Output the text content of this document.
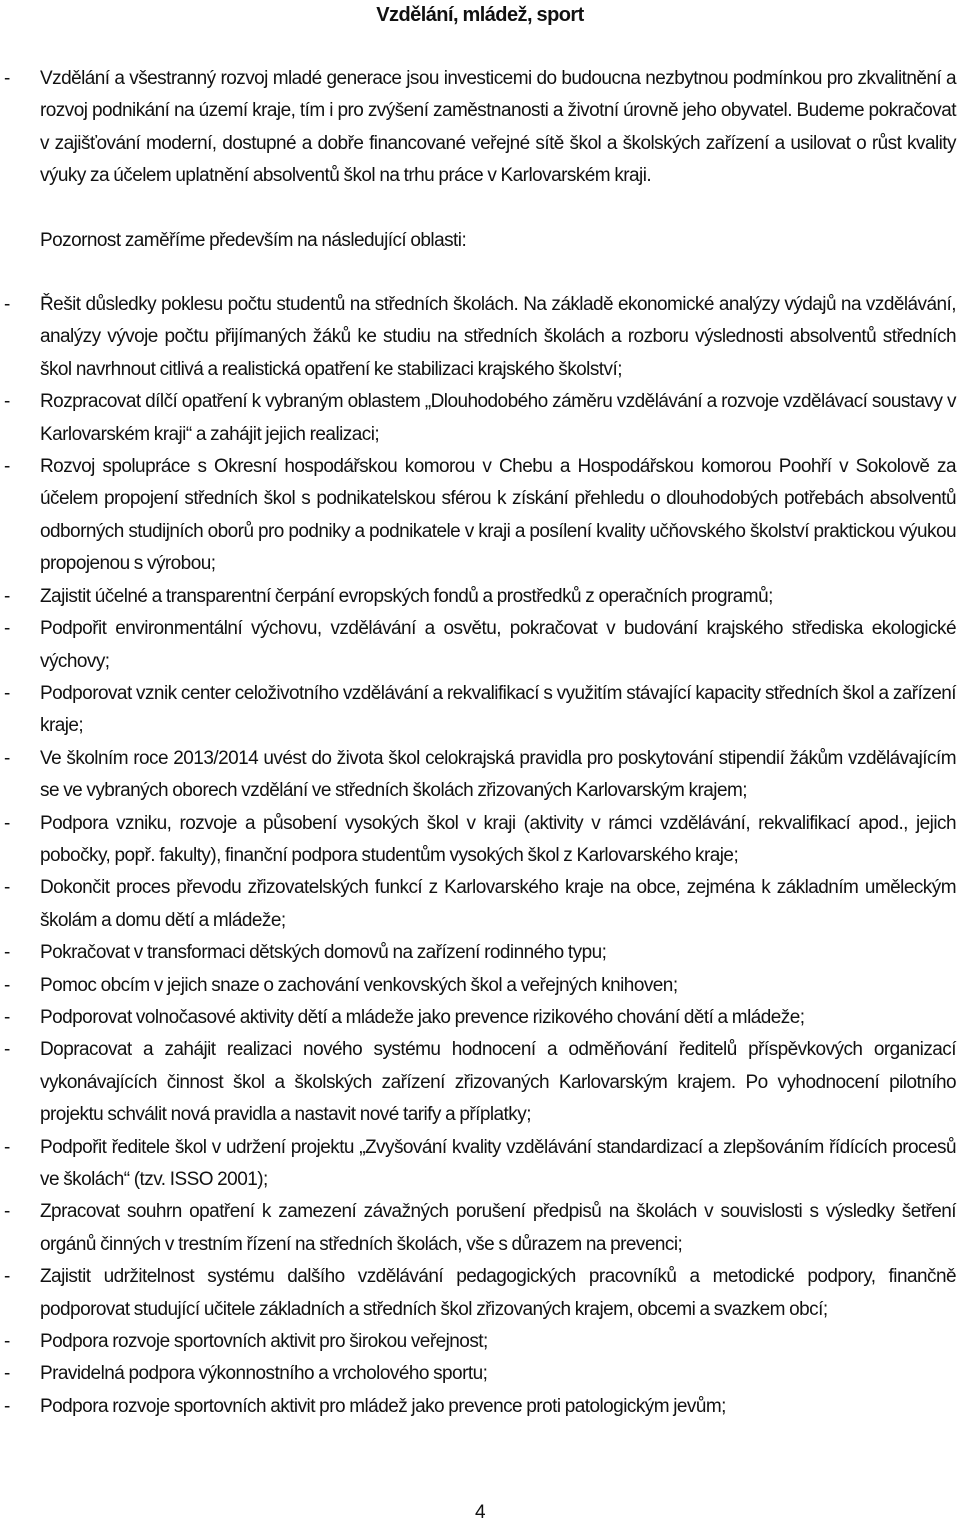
Vzdělání, mládež, sport

- Vzdělání a všestranný rozvoj mladé generace jsou investicemi do budoucna nezbytnou podmínkou pro zkvalitnění a rozvoj podnikání na území kraje, tím i pro zvýšení zaměstnanosti a životní úrovně jeho obyvatel. Budeme pokračovat v zajišťování moderní, dostupné a dobře financované veřejné sítě škol a školských zařízení a usilovat o růst kvality výuky za účelem uplatnění absolventů škol na trhu práce v Karlovarském kraji.

Pozornost zaměříme především na následující oblasti:

- Řešit důsledky poklesu počtu studentů na středních školách. Na základě ekonomické analýzy výdajů na vzdělávání, analýzy vývoje počtu přijímaných žáků ke studiu na středních školách a rozboru výslednosti absolventů středních škol navrhnout citlivá a realistická opatření ke stabilizaci krajského školství;

- Rozpracovat dílčí opatření k vybraným oblastem „Dlouhodobého záměru vzdělávání a rozvoje vzdělávací soustavy v Karlovarském kraji“ a zahájit jejich realizaci;

- Rozvoj spolupráce s Okresní hospodářskou komorou v Chebu a Hospodářskou komorou Poohří v Sokolově za účelem propojení středních škol s podnikatelskou sférou k získání přehledu o dlouhodobých potřebách absolventů odborných studijních oborů pro podniky a podnikatele v kraji a posílení kvality učňovského školství praktickou výukou propojenou s výrobou;

- Zajistit účelné a transparentní čerpání evropských fondů a prostředků z operačních programů;

- Podpořit environmentální výchovu, vzdělávání a osvětu, pokračovat v budování krajského střediska ekologické výchovy;

- Podporovat vznik center celoživotního vzdělávání a rekvalifikací s využitím stávající kapacity středních škol a zařízení kraje;

- Ve školním roce 2013/2014 uvést do života škol celokrajská pravidla pro poskytování stipendií žákům vzdělávajícím se ve vybraných oborech vzdělání ve středních školách zřizovaných Karlovarským krajem;

- Podpora vzniku, rozvoje a působení vysokých škol v kraji (aktivity v rámci vzdělávání, rekvalifikací apod., jejich pobočky, popř. fakulty), finanční podpora studentům vysokých škol z Karlovarského kraje;

- Dokončit proces převodu zřizovatelských funkcí z Karlovarského kraje na obce, zejména k základním uměleckým školám a domu dětí a mládeže;

- Pokračovat v transformaci dětských domovů na zařízení rodinného typu;

- Pomoc obcím v jejich snaze o zachování venkovských škol a veřejných knihoven;

- Podporovat volnočasové aktivity dětí a mládeže jako prevence rizikového chování dětí a mládeže;

- Dopracovat a zahájit realizaci nového systému hodnocení a odměňování ředitelů příspěvkových organizací vykonávajících činnost škol a školských zařízení zřizovaných Karlovarským krajem. Po vyhodnocení pilotního projektu schválit nová pravidla a nastavit nové tarify a příplatky;

- Podpořit ředitele škol v udržení projektu „Zvyšování kvality vzdělávání standardizací a zlepšováním řídících procesů ve školách“ (tzv. ISSO 2001);

- Zpracovat souhrn opatření k zamezení závažných porušení předpisů na školách v souvislosti s výsledky šetření orgánů činných v trestním řízení na středních školách, vše s důrazem na prevenci;

- Zajistit udržitelnost systému dalšího vzdělávání pedagogických pracovníků a metodické podpory, finančně podporovat studující učitele základních a středních škol zřizovaných krajem, obcemi a svazkem obcí;

- Podpora rozvoje sportovních aktivit pro širokou veřejnost;

- Pravidelná podpora výkonnostního a vrcholového sportu;

- Podpora rozvoje sportovních aktivit pro mládež jako prevence proti patologickým jevům;

4
